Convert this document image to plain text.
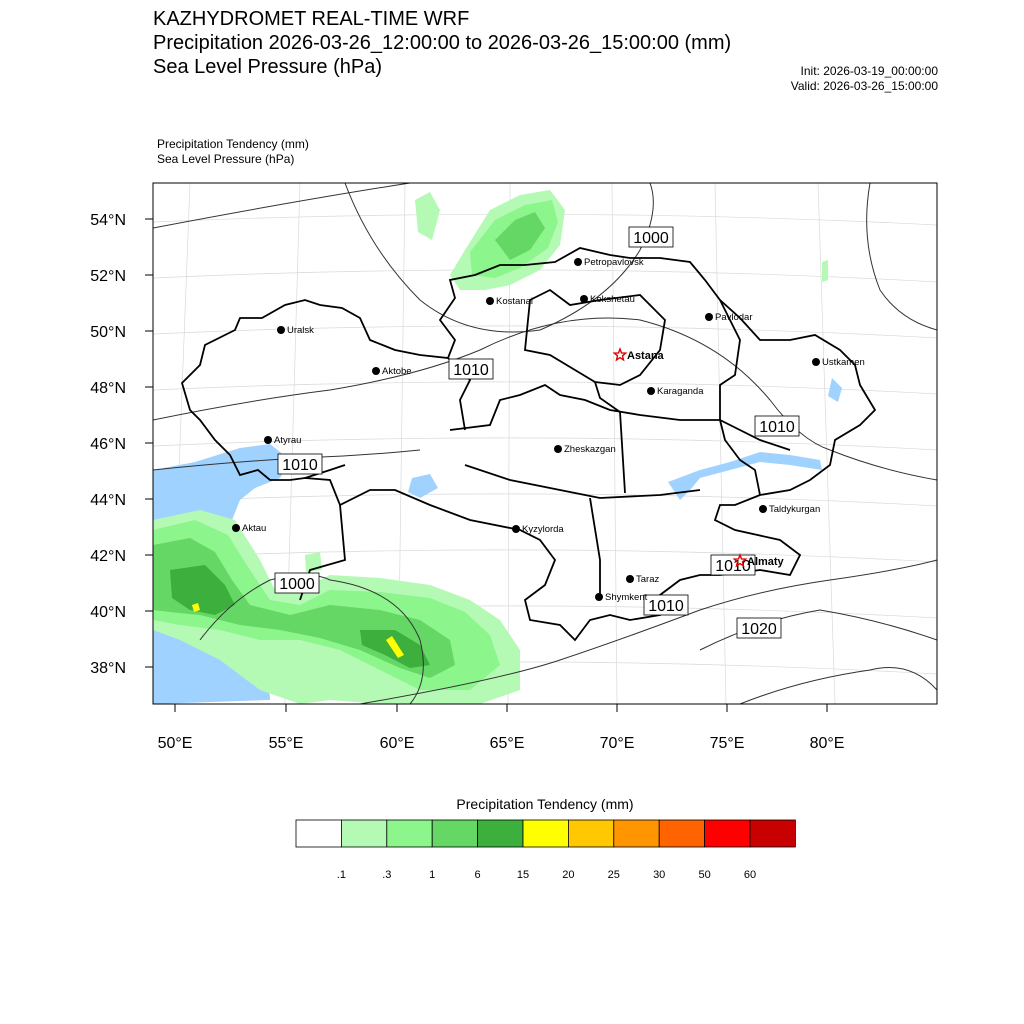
KAZHYDROMET REAL-TIME WRF
Precipitation 2026-03-26_12:00:00 to 2026-03-26_15:00:00 (mm)
Sea Level Pressure (hPa)	Init: 2026-03-19_00:00:00
Valid: 2026-03-26_15:00:00
Precipitation Tendency (mm)
Sea Level Pressure (hPa)
54°N
52°N
50°N
48°N
46°N
44°N
42°N
40°N
38°N
50°E	55°E	60°E	65°E	70°E	75°E	80°E
1000
1010
1010
1010
1000
1010
1010
1020
Petropavlovsk
Kostanai	Kokshetau
Pavlodar
Uralsk
Aktobe
Astana
Ustkamen
Karaganda
Atyrau
Zheskazgan
Aktau	Kyzylorda
Taldykurgan
Almaty
Taraz
Shymkent
.1	.3	1	6	15	20	25	30	50	60
Precipitation Tendency (mm)
